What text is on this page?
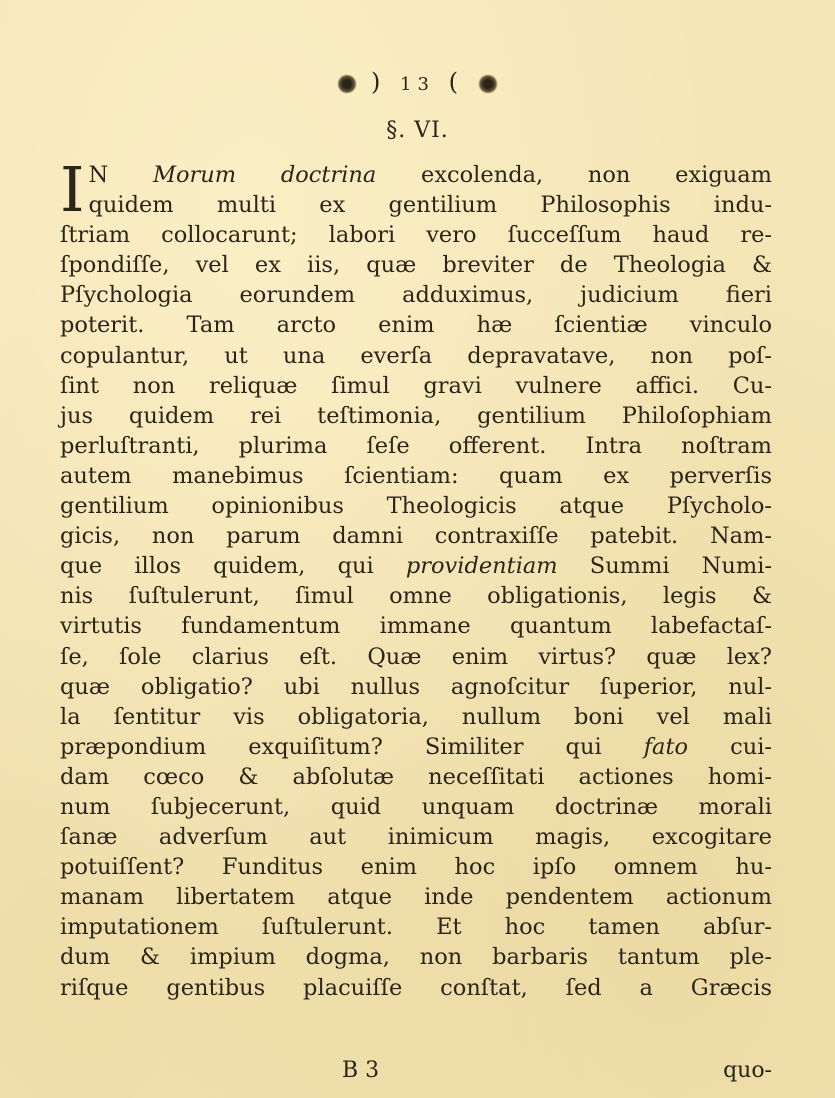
) 13 (
§. VI.
I N Morum doctrina excolenda, non exiguam
quidem multi ex gentilium Philosophis indu-
ſtriam collocarunt; labori vero ſucceſſum haud re-
ſpondiſſe, vel ex iis, quæ breviter de Theologia &
Pſychologia eorundem adduximus, judicium fieri
poterit. Tam arcto enim hæ ſcientiæ vinculo
copulantur, ut una everſa depravatave, non poſ-
ſint non reliquæ ſimul gravi vulnere affici. Cu-
jus quidem rei teſtimonia, gentilium Philoſophiam
perluſtranti, plurima ſeſe offerent. Intra noſtram
autem manebimus ſcientiam: quam ex perverſis
gentilium opinionibus Theologicis atque Pſycholo-
gicis, non parum damni contraxiſſe patebit. Nam-
que illos quidem, qui providentiam Summi Numi-
nis ſuſtulerunt, ſimul omne obligationis, legis &
virtutis fundamentum immane quantum labefactaſ-
ſe, ſole clarius eſt. Quæ enim virtus? quæ lex?
quæ obligatio? ubi nullus agnoſcitur ſuperior, nul-
la ſentitur vis obligatoria, nullum boni vel mali
præpondium exquiſitum? Similiter qui fato cui-
dam cœco & abſolutæ neceſſitati actiones homi-
num ſubjecerunt, quid unquam doctrinæ morali
ſanæ adverſum aut inimicum magis, excogitare
potuiſſent? Funditus enim hoc ipſo omnem hu-
manam libertatem atque inde pendentem actionum
imputationem ſuſtulerunt. Et hoc tamen abſur-
dum & impium dogma, non barbaris tantum ple-
riſque gentibus placuiſſe conſtat, ſed a Græcis
B 3	quo-
